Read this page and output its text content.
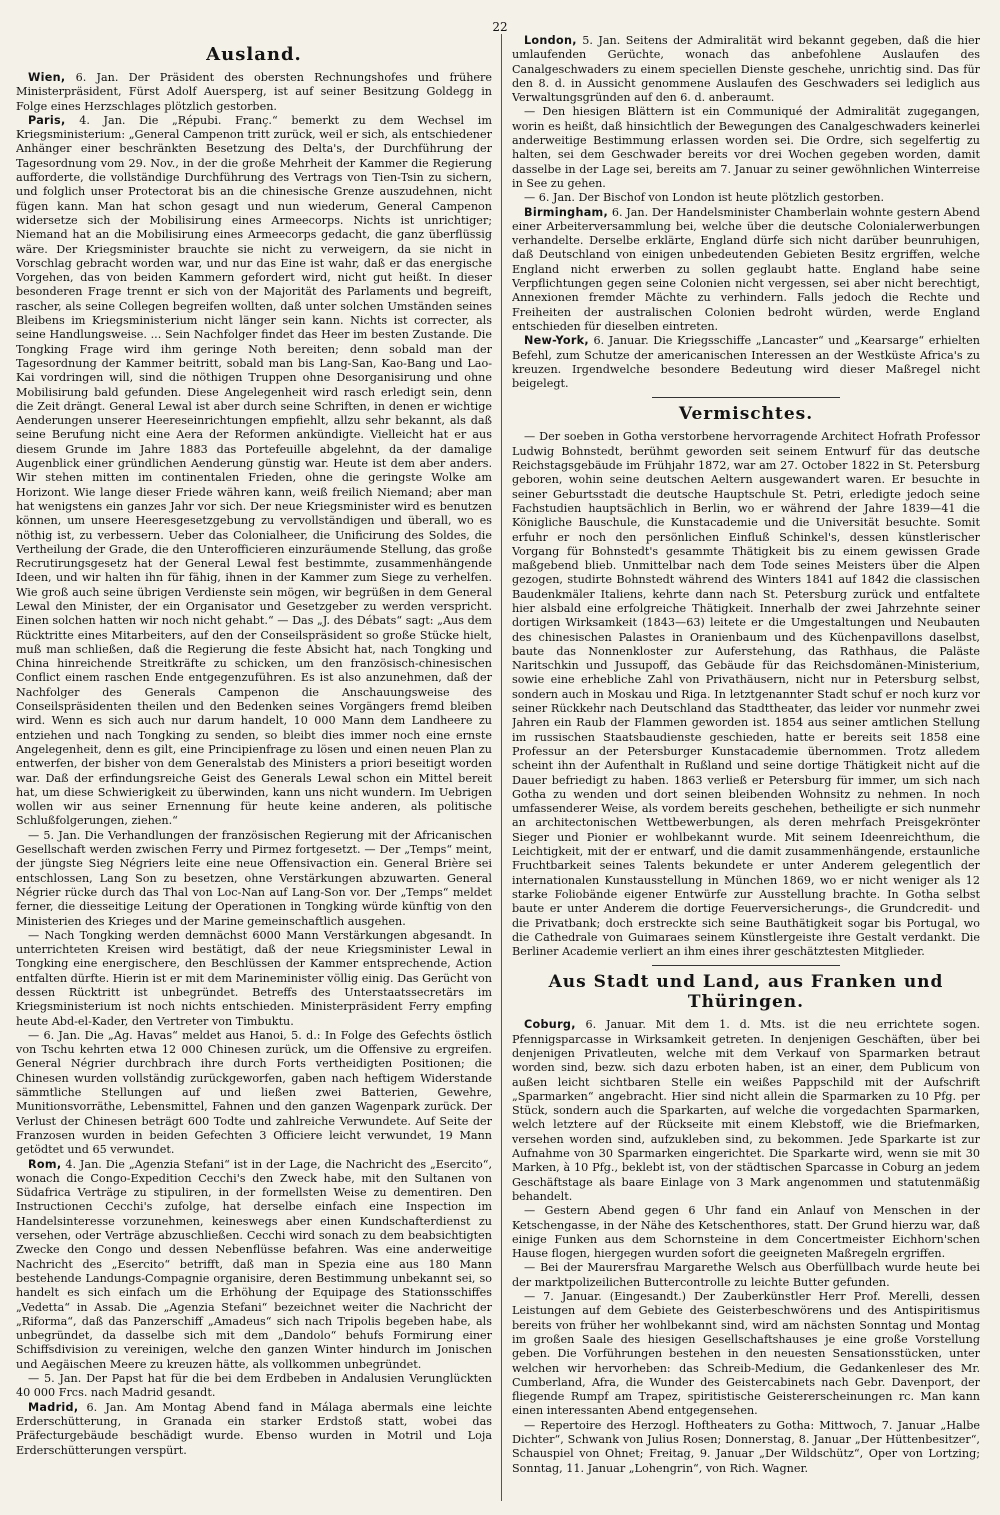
22
Ausland.

Wien, 6. Jan. Der Präsident des obersten Rechnungshofes und frühere Ministerpräsident, Fürst Adolf Auersperg, ist auf seiner Besitzung Goldegg in Folge eines Herzschlages plötzlich gestorben.

Paris, 4. Jan. Die „Répubi. Franç.“ bemerkt zu dem Wechsel im Kriegsministerium: „General Campenon tritt zurück, weil er sich, als entschiedener Anhänger einer beschränkten Besetzung des Delta's, der Durchführung der Tagesordnung vom 29. Nov., in der die große Mehrheit der Kammer die Regierung aufforderte, die vollständige Durchführung des Vertrags von Tien-Tsin zu sichern, und folglich unser Protectorat bis an die chinesische Grenze auszudehnen, nicht fügen kann. Man hat schon gesagt und nun wiederum, General Campenon widersetze sich der Mobilisirung eines Armeecorps. Nichts ist unrichtiger; Niemand hat an die Mobilisirung eines Armeecorps gedacht, die ganz überflüssig wäre. Der Kriegsminister brauchte sie nicht zu verweigern, da sie nicht in Vorschlag gebracht worden war, und nur das Eine ist wahr, daß er das energische Vorgehen, das von beiden Kammern gefordert wird, nicht gut heißt. In dieser besonderen Frage trennt er sich von der Majorität des Parlaments und begreift, rascher, als seine Collegen begreifen wollten, daß unter solchen Umständen seines Bleibens im Kriegsministerium nicht länger sein kann. Nichts ist correcter, als seine Handlungsweise. ... Sein Nachfolger findet das Heer im besten Zustande. Die Tongking Frage wird ihm geringe Noth bereiten; denn sobald man der Tagesordnung der Kammer beitritt, sobald man bis Lang-San, Kao-Bang und Lao-Kai vordringen will, sind die nöthigen Truppen ohne Desorganisirung und ohne Mobilisirung bald gefunden. Diese Angelegenheit wird rasch erledigt sein, denn die Zeit drängt. General Lewal ist aber durch seine Schriften, in denen er wichtige Aenderungen unserer Heereseinrichtungen empfiehlt, allzu sehr bekannt, als daß seine Berufung nicht eine Aera der Reformen ankündigte. Vielleicht hat er aus diesem Grunde im Jahre 1883 das Portefeuille abgelehnt, da der damalige Augenblick einer gründlichen Aenderung günstig war. Heute ist dem aber anders. Wir stehen mitten im continentalen Frieden, ohne die geringste Wolke am Horizont. Wie lange dieser Friede währen kann, weiß freilich Niemand; aber man hat wenigstens ein ganzes Jahr vor sich. Der neue Kriegsminister wird es benutzen können, um unsere Heeresgesetzgebung zu vervollständigen und überall, wo es nöthig ist, zu verbessern. Ueber das Colonialheer, die Unificirung des Soldes, die Vertheilung der Grade, die den Unterofficieren einzuräumende Stellung, das große Recrutirungsgesetz hat der General Lewal fest bestimmte, zusammenhängende Ideen, und wir halten ihn für fähig, ihnen in der Kammer zum Siege zu verhelfen. Wie groß auch seine übrigen Verdienste sein mögen, wir begrüßen in dem General Lewal den Minister, der ein Organisator und Gesetzgeber zu werden verspricht. Einen solchen hatten wir noch nicht gehabt.“ — Das „J. des Débats“ sagt: „Aus dem Rücktritte eines Mitarbeiters, auf den der Conseilspräsident so große Stücke hielt, muß man schließen, daß die Regierung die feste Absicht hat, nach Tongking und China hinreichende Streitkräfte zu schicken, um den französisch-chinesischen Conflict einem raschen Ende entgegenzuführen. Es ist also anzunehmen, daß der Nachfolger des Generals Campenon die Anschauungsweise des Conseilspräsidenten theilen und den Bedenken seines Vorgängers fremd bleiben wird. Wenn es sich auch nur darum handelt, 10 000 Mann dem Landheere zu entziehen und nach Tongking zu senden, so bleibt dies immer noch eine ernste Angelegenheit, denn es gilt, eine Principienfrage zu lösen und einen neuen Plan zu entwerfen, der bisher von dem Generalstab des Ministers a priori beseitigt worden war. Daß der erfindungsreiche Geist des Generals Lewal schon ein Mittel bereit hat, um diese Schwierigkeit zu überwinden, kann uns nicht wundern. Im Uebrigen wollen wir aus seiner Ernennung für heute keine anderen, als politische Schlußfolgerungen, ziehen.“

— 5. Jan. Die Verhandlungen der französischen Regierung mit der Africanischen Gesellschaft werden zwischen Ferry und Pirmez fortgesetzt. — Der „Temps“ meint, der jüngste Sieg Négriers leite eine neue Offensivaction ein. General Brière sei entschlossen, Lang Son zu besetzen, ohne Verstärkungen abzuwarten. General Négrier rücke durch das Thal von Loc-Nan auf Lang-Son vor. Der „Temps“ meldet ferner, die diesseitige Leitung der Operationen in Tongking würde künftig von den Ministerien des Krieges und der Marine gemeinschaftlich ausgehen.

— Nach Tongking werden demnächst 6000 Mann Verstärkungen abgesandt. In unterrichteten Kreisen wird bestätigt, daß der neue Kriegsminister Lewal in Tongking eine energischere, den Beschlüssen der Kammer entsprechende, Action entfalten dürfte. Hierin ist er mit dem Marineminister völlig einig. Das Gerücht von dessen Rücktritt ist unbegründet. Betreffs des Unterstaatssecretärs im Kriegsministerium ist noch nichts entschieden. Ministerpräsident Ferry empfing heute Abd-el-Kader, den Vertreter von Timbuktu.

— 6. Jan. Die „Ag. Havas“ meldet aus Hanoi, 5. d.: In Folge des Gefechts östlich von Tschu kehrten etwa 12 000 Chinesen zurück, um die Offensive zu ergreifen. General Négrier durchbrach ihre durch Forts vertheidigten Positionen; die Chinesen wurden vollständig zurückgeworfen, gaben nach heftigem Widerstande sämmtliche Stellungen auf und ließen zwei Batterien, Gewehre, Munitionsvorräthe, Lebensmittel, Fahnen und den ganzen Wagenpark zurück. Der Verlust der Chinesen beträgt 600 Todte und zahlreiche Verwundete. Auf Seite der Franzosen wurden in beiden Gefechten 3 Officiere leicht verwundet, 19 Mann getödtet und 65 verwundet.

Rom, 4. Jan. Die „Agenzia Stefani“ ist in der Lage, die Nachricht des „Esercito“, wonach die Congo-Expedition Cecchi's den Zweck habe, mit den Sultanen von Südafrica Verträge zu stipuliren, in der formellsten Weise zu dementiren. Den Instructionen Cecchi's zufolge, hat derselbe einfach eine Inspection im Handelsinteresse vorzunehmen, keineswegs aber einen Kundschafterdienst zu versehen, oder Verträge abzuschließen. Cecchi wird sonach zu dem beabsichtigten Zwecke den Congo und dessen Nebenflüsse befahren. Was eine anderweitige Nachricht des „Esercito“ betrifft, daß man in Spezia eine aus 180 Mann bestehende Landungs-Compagnie organisire, deren Bestimmung unbekannt sei, so handelt es sich einfach um die Erhöhung der Equipage des Stationsschiffes „Vedetta“ in Assab. Die „Agenzia Stefani“ bezeichnet weiter die Nachricht der „Riforma“, daß das Panzerschiff „Amadeus“ sich nach Tripolis begeben habe, als unbegründet, da dasselbe sich mit dem „Dandolo“ behufs Formirung einer Schiffsdivision zu vereinigen, welche den ganzen Winter hindurch im Jonischen und Aegäischen Meere zu kreuzen hätte, als vollkommen unbegründet.

— 5. Jan. Der Papst hat für die bei dem Erdbeben in Andalusien Verunglückten 40 000 Frcs. nach Madrid gesandt.

Madrid, 6. Jan. Am Montag Abend fand in Málaga abermals eine leichte Erderschütterung, in Granada ein starker Erdstoß statt, wobei das Präfecturgebäude beschädigt wurde. Ebenso wurden in Motril und Loja Erderschütterungen verspürt.

London, 5. Jan. Seitens der Admiralität wird bekannt gegeben, daß die hier umlaufenden Gerüchte, wonach das anbefohlene Auslaufen des Canalgeschwaders zu einem speciellen Dienste geschehe, unrichtig sind. Das für den 8. d. in Aussicht genommene Auslaufen des Geschwaders sei lediglich aus Verwaltungsgründen auf den 6. d. anberaumt.

— Den hiesigen Blättern ist ein Communiqué der Admiralität zugegangen, worin es heißt, daß hinsichtlich der Bewegungen des Canalgeschwaders keinerlei anderweitige Bestimmung erlassen worden sei. Die Ordre, sich segelfertig zu halten, sei dem Geschwader bereits vor drei Wochen gegeben worden, damit dasselbe in der Lage sei, bereits am 7. Januar zu seiner gewöhnlichen Winterreise in See zu gehen.

— 6. Jan. Der Bischof von London ist heute plötzlich gestorben.

Birmingham, 6. Jan. Der Handelsminister Chamberlain wohnte gestern Abend einer Arbeiterversammlung bei, welche über die deutsche Colonialerwerbungen verhandelte. Derselbe erklärte, England dürfe sich nicht darüber beunruhigen, daß Deutschland von einigen unbedeutenden Gebieten Besitz ergriffen, welche England nicht erwerben zu sollen geglaubt hatte. England habe seine Verpflichtungen gegen seine Colonien nicht vergessen, sei aber nicht berechtigt, Annexionen fremder Mächte zu verhindern. Falls jedoch die Rechte und Freiheiten der australischen Colonien bedroht würden, werde England entschieden für dieselben eintreten.

New-York, 6. Januar. Die Kriegsschiffe „Lancaster“ und „Kearsarge“ erhielten Befehl, zum Schutze der americanischen Interessen an der Westküste Africa's zu kreuzen. Irgendwelche besondere Bedeutung wird dieser Maßregel nicht beigelegt.

Vermischtes.

— Der soeben in Gotha verstorbene hervorragende Architect Hofrath Professor Ludwig Bohnstedt, berühmt geworden seit seinem Entwurf für das deutsche Reichstagsgebäude im Frühjahr 1872, war am 27. October 1822 in St. Petersburg geboren, wohin seine deutschen Aeltern ausgewandert waren. Er besuchte in seiner Geburtsstadt die deutsche Hauptschule St. Petri, erledigte jedoch seine Fachstudien hauptsächlich in Berlin, wo er während der Jahre 1839—41 die Königliche Bauschule, die Kunstacademie und die Universität besuchte. Somit erfuhr er noch den persönlichen Einfluß Schinkel's, dessen künstlerischer Vorgang für Bohnstedt's gesammte Thätigkeit bis zu einem gewissen Grade maßgebend blieb. Unmittelbar nach dem Tode seines Meisters über die Alpen gezogen, studirte Bohnstedt während des Winters 1841 auf 1842 die classischen Baudenkmäler Italiens, kehrte dann nach St. Petersburg zurück und entfaltete hier alsbald eine erfolgreiche Thätigkeit. Innerhalb der zwei Jahrzehnte seiner dortigen Wirksamkeit (1843—63) leitete er die Umgestaltungen und Neubauten des chinesischen Palastes in Oranienbaum und des Küchenpavillons daselbst, baute das Nonnenkloster zur Auferstehung, das Rathhaus, die Paläste Naritschkin und Jussupoff, das Gebäude für das Reichsdomänen-Ministerium, sowie eine erhebliche Zahl von Privathäusern, nicht nur in Petersburg selbst, sondern auch in Moskau und Riga. In letztgenannter Stadt schuf er noch kurz vor seiner Rückkehr nach Deutschland das Stadttheater, das leider vor nunmehr zwei Jahren ein Raub der Flammen geworden ist. 1854 aus seiner amtlichen Stellung im russischen Staatsbaudienste geschieden, hatte er bereits seit 1858 eine Professur an der Petersburger Kunstacademie übernommen. Trotz alledem scheint ihn der Aufenthalt in Rußland und seine dortige Thätigkeit nicht auf die Dauer befriedigt zu haben. 1863 verließ er Petersburg für immer, um sich nach Gotha zu wenden und dort seinen bleibenden Wohnsitz zu nehmen. In noch umfassenderer Weise, als vordem bereits geschehen, betheiligte er sich nunmehr an architectonischen Wettbewerbungen, als deren mehrfach Preisgekrönter Sieger und Pionier er wohlbekannt wurde. Mit seinem Ideenreichthum, die Leichtigkeit, mit der er entwarf, und die damit zusammenhängende, erstaunliche Fruchtbarkeit seines Talents bekundete er unter Anderem gelegentlich der internationalen Kunstausstellung in München 1869, wo er nicht weniger als 12 starke Foliobände eigener Entwürfe zur Ausstellung brachte. In Gotha selbst baute er unter Anderem die dortige Feuerversicherungs-, die Grundcredit- und die Privatbank; doch erstreckte sich seine Bauthätigkeit sogar bis Portugal, wo die Cathedrale von Guimaraes seinem Künstlergeiste ihre Gestalt verdankt. Die Berliner Academie verliert an ihm eines ihrer geschätztesten Mitglieder.

Aus Stadt und Land, aus Franken und Thüringen.

Coburg, 6. Januar. Mit dem 1. d. Mts. ist die neu errichtete sogen. Pfennigsparcasse in Wirksamkeit getreten. In denjenigen Geschäften, über bei denjenigen Privatleuten, welche mit dem Verkauf von Sparmarken betraut worden sind, bezw. sich dazu erboten haben, ist an einer, dem Publicum von außen leicht sichtbaren Stelle ein weißes Pappschild mit der Aufschrift „Sparmarken“ angebracht. Hier sind nicht allein die Sparmarken zu 10 Pfg. per Stück, sondern auch die Sparkarten, auf welche die vorgedachten Sparmarken, welch letztere auf der Rückseite mit einem Klebstoff, wie die Briefmarken, versehen worden sind, aufzukleben sind, zu bekommen. Jede Sparkarte ist zur Aufnahme von 30 Sparmarken eingerichtet. Die Sparkarte wird, wenn sie mit 30 Marken, à 10 Pfg., beklebt ist, von der städtischen Sparcasse in Coburg an jedem Geschäftstage als baare Einlage von 3 Mark angenommen und statutenmäßig behandelt.

— Gestern Abend gegen 6 Uhr fand ein Anlauf von Menschen in der Ketschengasse, in der Nähe des Ketschenthores, statt. Der Grund hierzu war, daß einige Funken aus dem Schornsteine in dem Concertmeister Eichhorn'schen Hause flogen, hiergegen wurden sofort die geeigneten Maßregeln ergriffen.

— Bei der Maurersfrau Margarethe Welsch aus Oberfüllbach wurde heute bei der marktpolizeilichen Buttercontrolle zu leichte Butter gefunden.

— 7. Januar. (Eingesandt.) Der Zauberkünstler Herr Prof. Merelli, dessen Leistungen auf dem Gebiete des Geisterbeschwörens und des Antispiritismus bereits von früher her wohlbekannt sind, wird am nächsten Sonntag und Montag im großen Saale des hiesigen Gesellschaftshauses je eine große Vorstellung geben. Die Vorführungen bestehen in den neuesten Sensationsstücken, unter welchen wir hervorheben: das Schreib-Medium, die Gedankenleser des Mr. Cumberland, Afra, die Wunder des Geistercabinets nach Gebr. Davenport, der fliegende Rumpf am Trapez, spiritistische Geistererscheinungen rc. Man kann einen interessanten Abend entgegensehen.

— Repertoire des Herzogl. Hoftheaters zu Gotha: Mittwoch, 7. Januar „Halbe Dichter“, Schwank von Julius Rosen; Donnerstag, 8. Januar „Der Hüttenbesitzer“, Schauspiel von Ohnet; Freitag, 9. Januar „Der Wildschütz“, Oper von Lortzing; Sonntag, 11. Januar „Lohengrin“, von Rich. Wagner.
